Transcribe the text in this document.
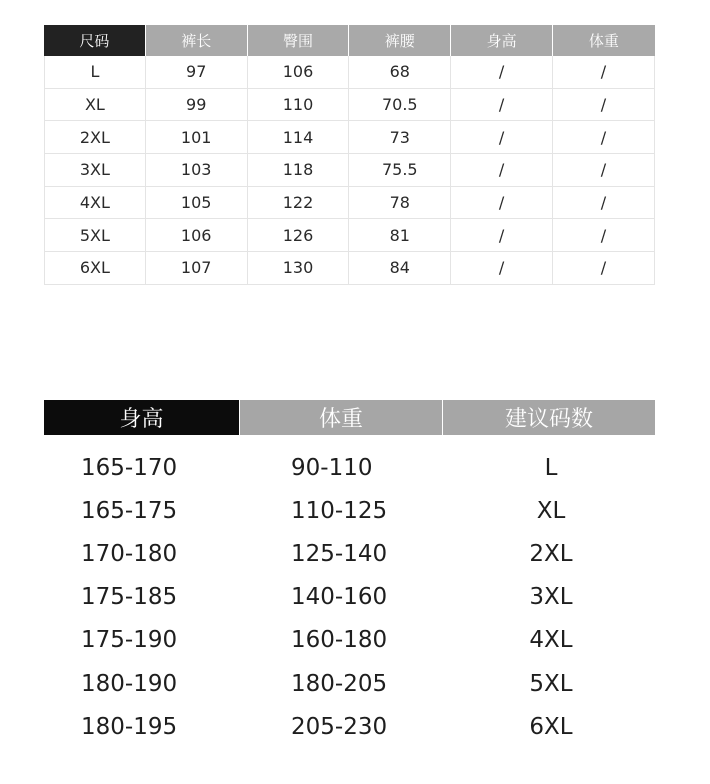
尺码	裤长	臀围	裤腰	身高	体重
L	97	106	68	/	/
XL	99	110	70.5	/	/
2XL	101	114	73	/	/
3XL	103	118	75.5	/	/
4XL	105	122	78	/	/
5XL	106	126	81	/	/
6XL	107	130	84	/	/
身高	体重	建议码数
165-170	90-110	L
165-175	110-125	XL
170-180	125-140	2XL
175-185	140-160	3XL
175-190	160-180	4XL
180-190	180-205	5XL
180-195	205-230	6XL
